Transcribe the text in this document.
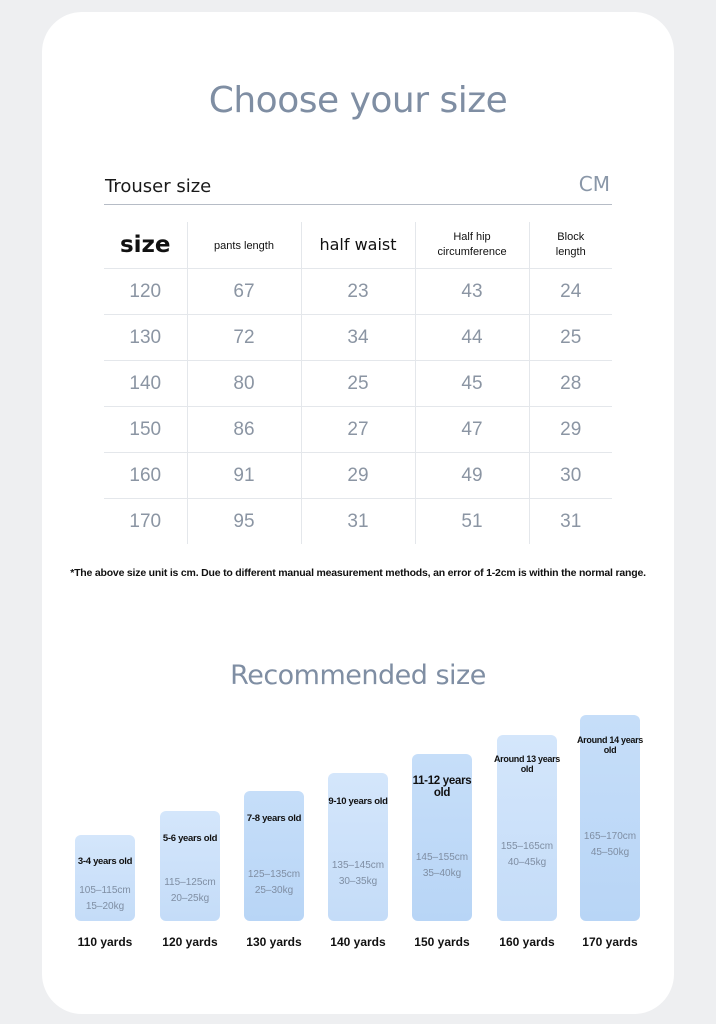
Choose your size
Trouser size	CM
size	pants length	half waist	Half hip circumference	Block length

120	67	23	43	24
130	72	34	44	25
140	80	25	45	28
150	86	27	47	29
160	91	29	49	30
170	95	31	51	31
*The above size unit is cm. Due to different manual measurement methods, an error of 1-2cm is within the normal range.
Recommended size
3-4 years old
105–115cm
15–20kg
110 yards
5-6 years old
115–125cm
20–25kg
120 yards
7-8 years old
125–135cm
25–30kg
130 yards
9-10 years old
135–145cm
30–35kg
140 yards
11-12 years old
145–155cm
35–40kg
150 yards
Around 13 years old
155–165cm
40–45kg
160 yards
Around 14 years old
165–170cm
45–50kg
170 yards
